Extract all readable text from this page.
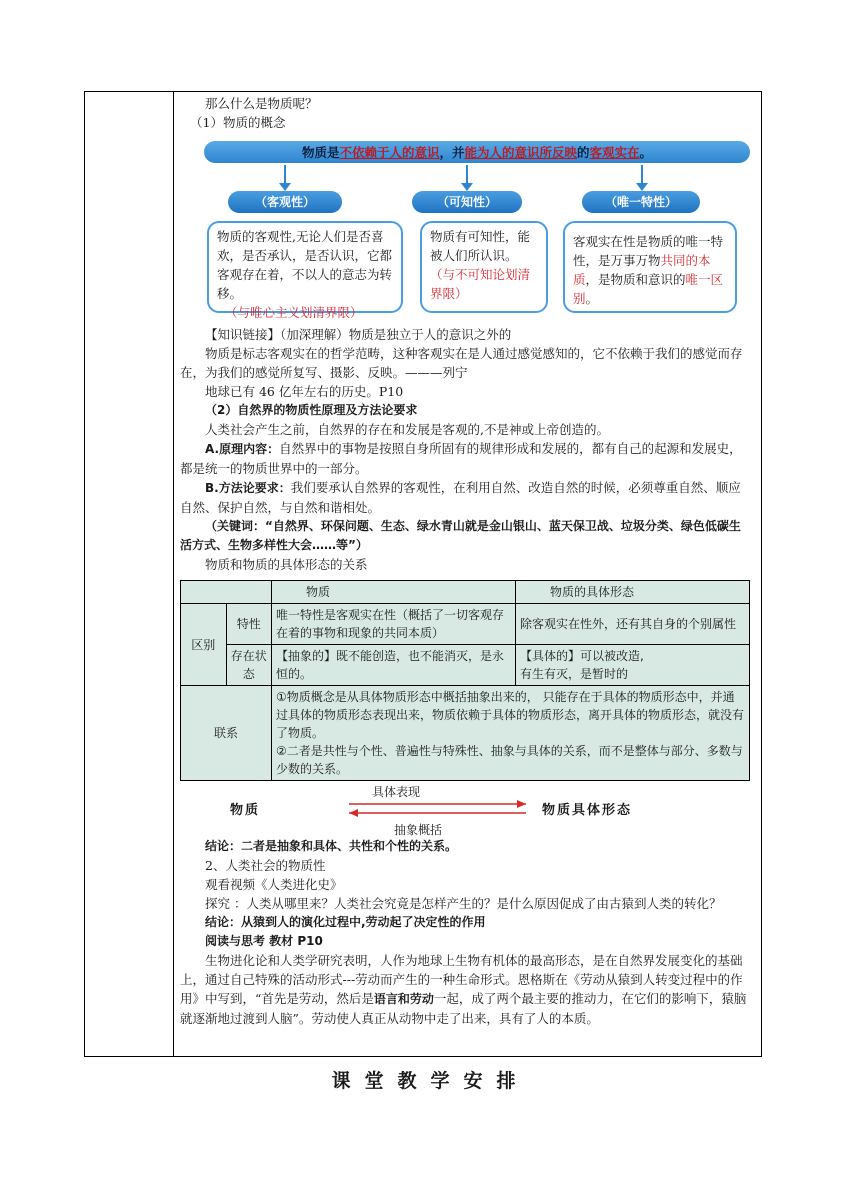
那么什么是物质呢？

（1）物质的概念

物质是不依赖于人的意识，并能为人的意识所反映的客观实在。
（客观性）	（可知性）	（唯一特性）
物质的客观性,无论人们是否喜欢，是否承认，是否认识，它都客观存在着，不以人的意志为转移。
（与唯心主义划清界限）
物质有可知性，能被人们所认识。
（与不可知论划清界限）
客观实在性是物质的唯一特性，是万事万物共同的本质，是物质和意识的唯一区别。

【知识链接】（加深理解）物质是独立于人的意识之外的

物质是标志客观实在的哲学范畴，这种客观实在是人通过感觉感知的，它不依赖于我们的感觉而存在，为我们的感觉所复写、摄影、反映。———列宁

地球已有 46 亿年左右的历史。P10

（2）自然界的物质性原理及方法论要求

人类社会产生之前，自然界的存在和发展是客观的,不是神或上帝创造的。

A.原理内容：自然界中的事物是按照自身所固有的规律形成和发展的，都有自己的起源和发展史，都是统一的物质世界中的一部分。

B.方法论要求：我们要承认自然界的客观性，在利用自然、改造自然的时候，必须尊重自然、顺应自然、保护自然，与自然和谐相处。

（关键词：“自然界、环保问题、生态、绿水青山就是金山银山、蓝天保卫战、垃圾分类、绿色低碳生活方式、生物多样性大会……等”）

物质和物质的具体形态的关系

		物质	物质的具体形态
区别	特性	唯一特性是客观实在性（概括了一切客观存在着的事物和现象的共同本质）	除客观实在性外，还有其自身的个别属性
	存在状态	【抽象的】既不能创造，也不能消灭，是永恒的。	【具体的】可以被改造,
有生有灭，是暂时的
联系		①物质概念是从具体物质形态中概括抽象出来的， 只能存在于具体的物质形态中，并通过具体的物质形态表现出来，物质依赖于具体的物质形态，离开具体的物质形态，就没有了物质。
②二者是共性与个性、普遍性与特殊性、抽象与具体的关系，而不是整体与部分、多数与少数的关系。	
物质
具体表现
物质具体形态
抽象概括

结论：二者是抽象和具体、共性和个性的关系。

2、人类社会的物质性

观看视频《人类进化史》

探究 ：人类从哪里来？人类社会究竟是怎样产生的？是什么原因促成了由古猿到人类的转化？

结论：从猿到人的演化过程中,劳动起了决定性的作用

阅读与思考 教材 P10

生物进化论和人类学研究表明，人作为地球上生物有机体的最高形态，是在自然界发展变化的基础上，通过自己特殊的活动形式---劳动而产生的一种生命形式。恩格斯在《劳动从猿到人转变过程中的作用》中写到，“首先是劳动，然后是语言和劳动一起，成了两个最主要的推动力，在它们的影响下，猿脑就逐渐地过渡到人脑”。劳动使人真正从动物中走了出来，具有了人的本质。

课堂教学安排
